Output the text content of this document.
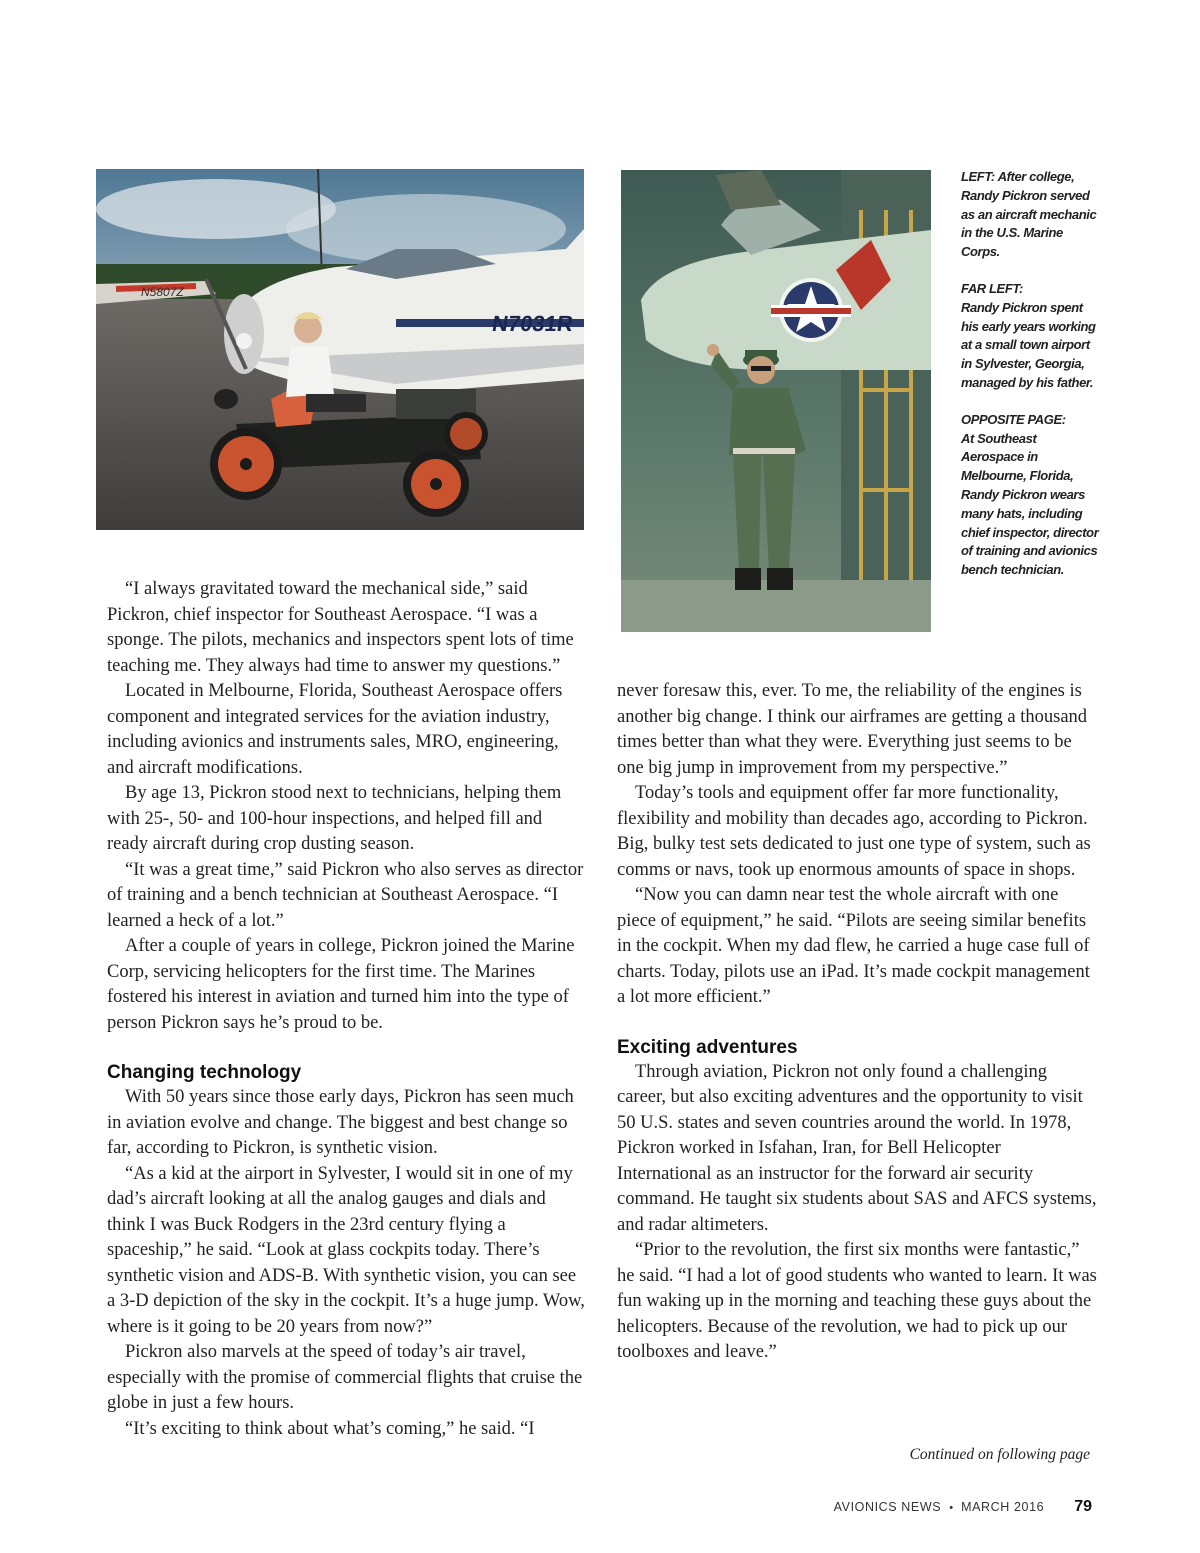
N5807Z
N7031R

LEFT: After college, Randy Pickron served as an aircraft mechanic in the U.S. Marine Corps.

FAR LEFT:
Randy Pickron spent his early years working at a small town airport in Sylvester, Georgia, managed by his father.

OPPOSITE PAGE:
At Southeast Aerospace in Melbourne, Florida, Randy Pickron wears many hats, including chief inspector, director of training and avionics bench technician.

“I always gravitated toward the mechanical side,” said Pickron, chief inspector for Southeast Aerospace. “I was a sponge. The pilots, mechanics and inspectors spent lots of time teaching me. They always had time to answer my questions.”

Located in Melbourne, Florida, Southeast Aerospace offers component and integrated services for the aviation industry, including avionics and instruments sales, MRO, engineering, and aircraft modifications.

By age 13, Pickron stood next to technicians, helping them with 25-, 50- and 100-hour inspections, and helped fill and ready aircraft during crop dusting season.

“It was a great time,” said Pickron who also serves as director of training and a bench technician at Southeast Aerospace. “I learned a heck of a lot.”

After a couple of years in college, Pickron joined the Marine Corp, servicing helicopters for the first time. The Marines fostered his interest in aviation and turned him into the type of person Pickron says he’s proud to be.

Changing technology

With 50 years since those early days, Pickron has seen much in aviation evolve and change. The biggest and best change so far, according to Pickron, is synthetic vision.

“As a kid at the airport in Sylvester, I would sit in one of my dad’s aircraft looking at all the analog gauges and dials and think I was Buck Rodgers in the 23rd century flying a spaceship,” he said. “Look at glass cockpits today. There’s synthetic vision and ADS-B. With synthetic vision, you can see a 3-D depiction of the sky in the cockpit. It’s a huge jump. Wow, where is it going to be 20 years from now?”

Pickron also marvels at the speed of today’s air travel, especially with the promise of commercial flights that cruise the globe in just a few hours.

“It’s exciting to think about what’s coming,” he said. “I

never foresaw this, ever. To me, the reliability of the engines is another big change. I think our airframes are getting a thousand times better than what they were. Everything just seems to be one big jump in improvement from my perspective.”

Today’s tools and equipment offer far more functionality, flexibility and mobility than decades ago, according to Pickron. Big, bulky test sets dedicated to just one type of system, such as comms or navs, took up enormous amounts of space in shops.

“Now you can damn near test the whole aircraft with one piece of equipment,” he said. “Pilots are seeing similar benefits in the cockpit. When my dad flew, he carried a huge case full of charts. Today, pilots use an iPad. It’s made cockpit management a lot more efficient.”

Exciting adventures

Through aviation, Pickron not only found a challenging career, but also exciting adventures and the opportunity to visit 50 U.S. states and seven countries around the world. In 1978, Pickron worked in Isfahan, Iran, for Bell Helicopter International as an instructor for the forward air security command. He taught six students about SAS and AFCS systems, and radar altimeters.

“Prior to the revolution, the first six months were fantastic,” he said. “I had a lot of good students who wanted to learn. It was fun waking up in the morning and teaching these guys about the helicopters. Because of the revolution, we had to pick up our toolboxes and leave.”

Continued on following page
AVIONICS NEWS • MARCH 2016 79
